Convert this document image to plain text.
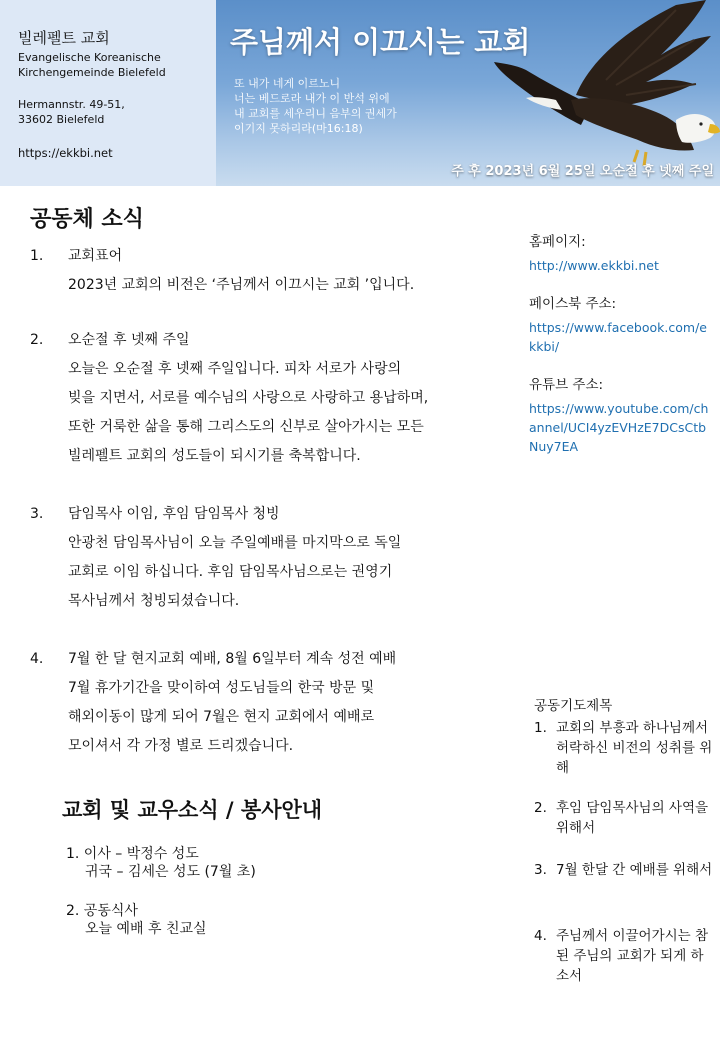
빌레펠트 교회
Evangelische Koreanische
Kirchengemeinde Bielefeld
Hermannstr. 49-51,
33602 Bielefeld
https://ekkbi.net
주님께서 이끄시는 교회
또 내가 네게 이르노니
너는 베드로라 내가 이 반석 위에
내 교회를 세우리니 음부의 권세가
이기지 못하리라(마16:18)
주 후 2023년 6월 25일 오순절 후 넷째 주일
공동체 소식
1. 교회표어
2023년 교회의 비전은 ‘주님께서 이끄시는 교회 ’입니다.
2. 오순절 후 넷째 주일
오늘은 오순절 후 넷째 주일입니다. 피차 서로가 사랑의
빚을 지면서, 서로를 예수님의 사랑으로 사랑하고 용납하며,
또한 거룩한 삶을 통해 그리스도의 신부로 살아가시는 모든
빌레펠트 교회의 성도들이 되시기를 축복합니다.
3. 담임목사 이임, 후임 담임목사 청빙
안광천 담임목사님이 오늘 주일예배를 마지막으로 독일
교회로 이임 하십니다. 후임 담임목사님으로는 권영기
목사님께서 청빙되셨습니다.
4. 7월 한 달 현지교회 예배, 8월 6일부터 계속 성전 예배
7월 휴가기간을 맞이하여 성도님들의 한국 방문 및
해외이동이 많게 되어 7월은 현지 교회에서 예배로
모이셔서 각 가정 별로 드리겠습니다.
교회 및 교우소식 / 봉사안내
1. 이사 – 박정수 성도
귀국 – 김세은 성도 (7월 초)
2. 공동식사
오늘 예배 후 친교실
홈페이지:
http://www.ekkbi.net
페이스북 주소:
https://www.facebook.com/ekkbi/
유튜브 주소:
https://www.youtube.com/channel/UCI4yzEVHzE7DCsCtbNuy7EA
공동기도제목
1. 교회의 부흥과 하나님께서 허락하신 비전의 성취를 위해
2. 후임 담임목사님의 사역을 위해서
3. 7월 한달 간 예배를 위해서
4. 주님께서 이끌어가시는 참 된 주님의 교회가 되게 하소서
